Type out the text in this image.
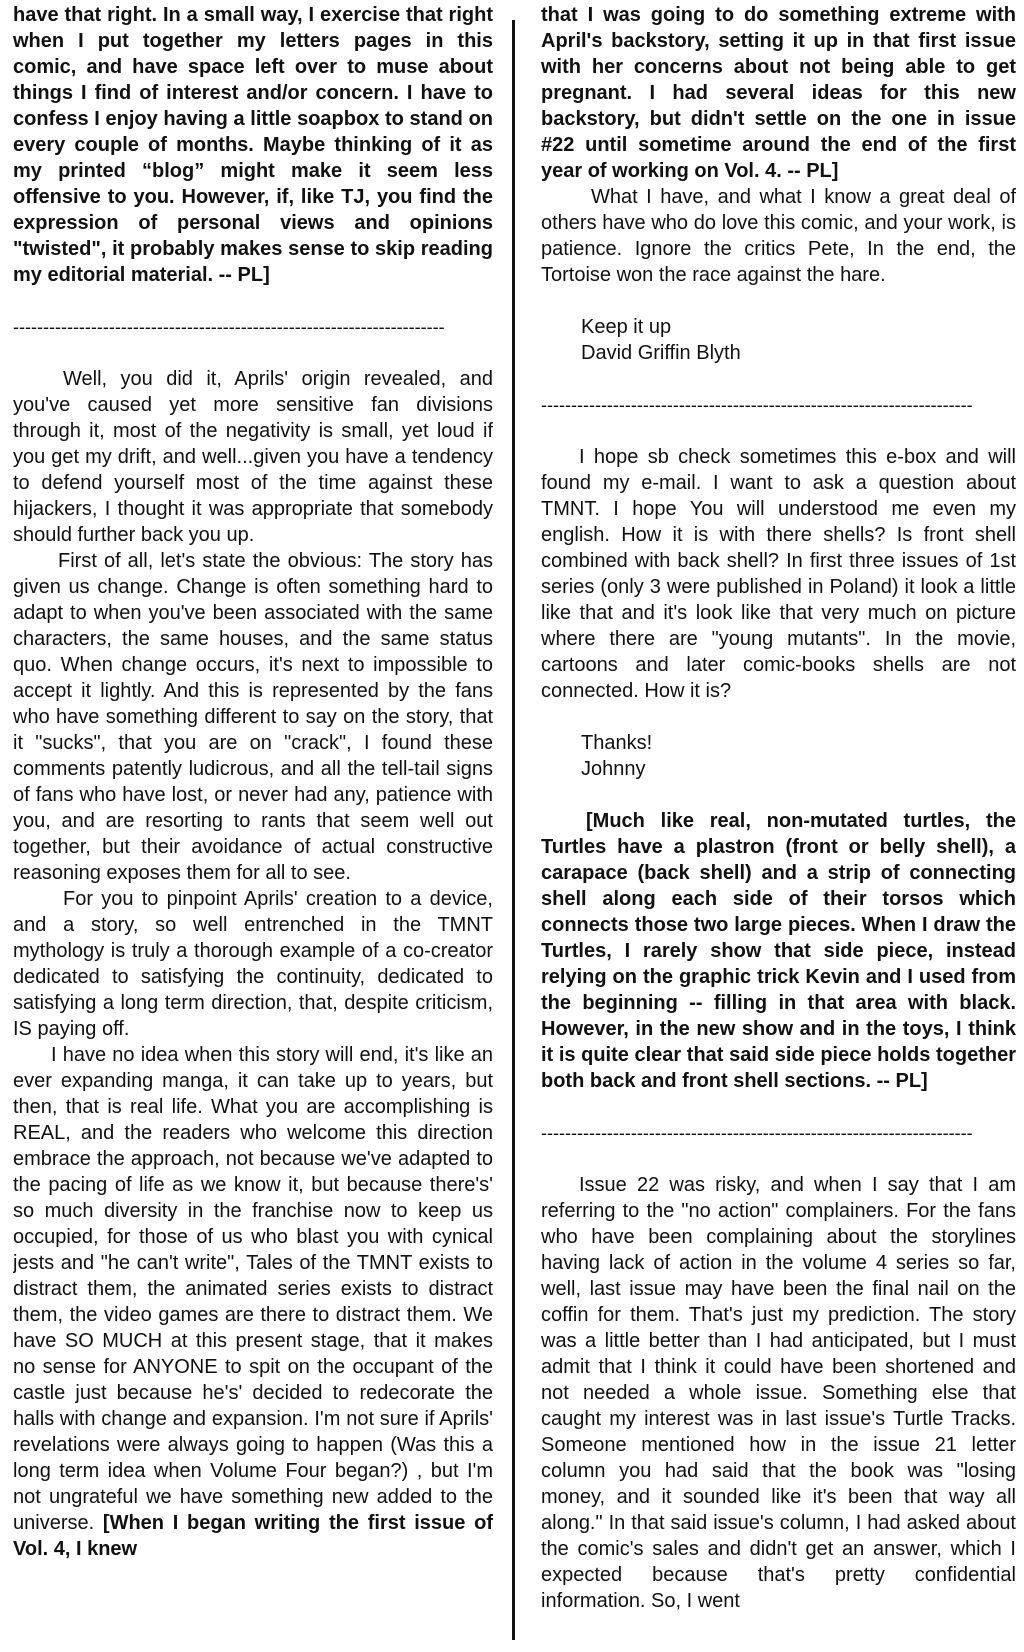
have that right. In a small way, I exercise that right when I put together my letters pages in this comic, and have space left over to muse about things I find of interest and/or concern. I have to confess I enjoy having a little soapbox to stand on every couple of months. Maybe thinking of it as my printed “blog” might make it seem less offensive to you. However, if, like TJ, you find the expression of personal views and opinions "twisted", it probably makes sense to skip reading my editorial material. -- PL]

------------------------------------------------------------------------

Well, you did it, Aprils' origin revealed, and you've caused yet more sensitive fan divisions through it, most of the negativity is small, yet loud if you get my drift, and well...given you have a tendency to defend yourself most of the time against these hijackers, I thought it was appropriate that somebody should further back you up.

First of all, let's state the obvious: The story has given us change. Change is often something hard to adapt to when you've been associated with the same characters, the same houses, and the same status quo. When change occurs, it's next to impossible to accept it lightly. And this is represented by the fans who have something different to say on the story, that it "sucks", that you are on "crack", I found these comments patently ludicrous, and all the tell-tail signs of fans who have lost, or never had any, patience with you, and are resorting to rants that seem well out together, but their avoidance of actual constructive reasoning exposes them for all to see.

For you to pinpoint Aprils' creation to a device, and a story, so well entrenched in the TMNT mythology is truly a thorough example of a co-creator dedicated to satisfying the continuity, dedicated to satisfying a long term direction, that, despite criticism, IS paying off.

I have no idea when this story will end, it's like an ever expanding manga, it can take up to years, but then, that is real life. What you are accomplishing is REAL, and the readers who welcome this direction embrace the approach, not because we've adapted to the pacing of life as we know it, but because there's' so much diversity in the franchise now to keep us occupied, for those of us who blast you with cynical jests and "he can't write", Tales of the TMNT exists to distract them, the animated series exists to distract them, the video games are there to distract them. We have SO MUCH at this present stage, that it makes no sense for ANYONE to spit on the occupant of the castle just because he's' decided to redecorate the halls with change and expansion. I'm not sure if Aprils' revelations were always going to happen (Was this a long term idea when Volume Four began?) , but I'm not ungrateful we have something new added to the universe. [When I began writing the first issue of Vol. 4, I knew

that I was going to do something extreme with April's backstory, setting it up in that first issue with her concerns about not being able to get pregnant. I had several ideas for this new backstory, but didn't settle on the one in issue #22 until sometime around the end of the first year of working on Vol. 4. -- PL]

What I have, and what I know a great deal of others have who do love this comic, and your work, is patience. Ignore the critics Pete, In the end, the Tortoise won the race against the hare.

Keep it up

David Griffin Blyth

------------------------------------------------------------------------

I hope sb check sometimes this e-box and will found my e-mail. I want to ask a question about TMNT. I hope You will understood me even my english. How it is with there shells? Is front shell combined with back shell? In first three issues of 1st series (only 3 were published in Poland) it look a little like that and it's look like that very much on picture where there are "young mutants". In the movie, cartoons and later comic-books shells are not connected. How it is?

Thanks!

Johnny

[Much like real, non-mutated turtles, the Turtles have a plastron (front or belly shell), a carapace (back shell) and a strip of connecting shell along each side of their torsos which connects those two large pieces. When I draw the Turtles, I rarely show that side piece, instead relying on the graphic trick Kevin and I used from the beginning -- filling in that area with black. However, in the new show and in the toys, I think it is quite clear that said side piece holds together both back and front shell sections. -- PL]

------------------------------------------------------------------------

Issue 22 was risky, and when I say that I am referring to the "no action" complainers. For the fans who have been complaining about the storylines having lack of action in the volume 4 series so far, well, last issue may have been the final nail on the coffin for them. That's just my prediction. The story was a little better than I had anticipated, but I must admit that I think it could have been shortened and not needed a whole issue. Something else that caught my interest was in last issue's Turtle Tracks. Someone mentioned how in the issue 21 letter column you had said that the book was "losing money, and it sounded like it's been that way all along." In that said issue's column, I had asked about the comic's sales and didn't get an answer, which I expected because that's pretty confidential information. So, I went
